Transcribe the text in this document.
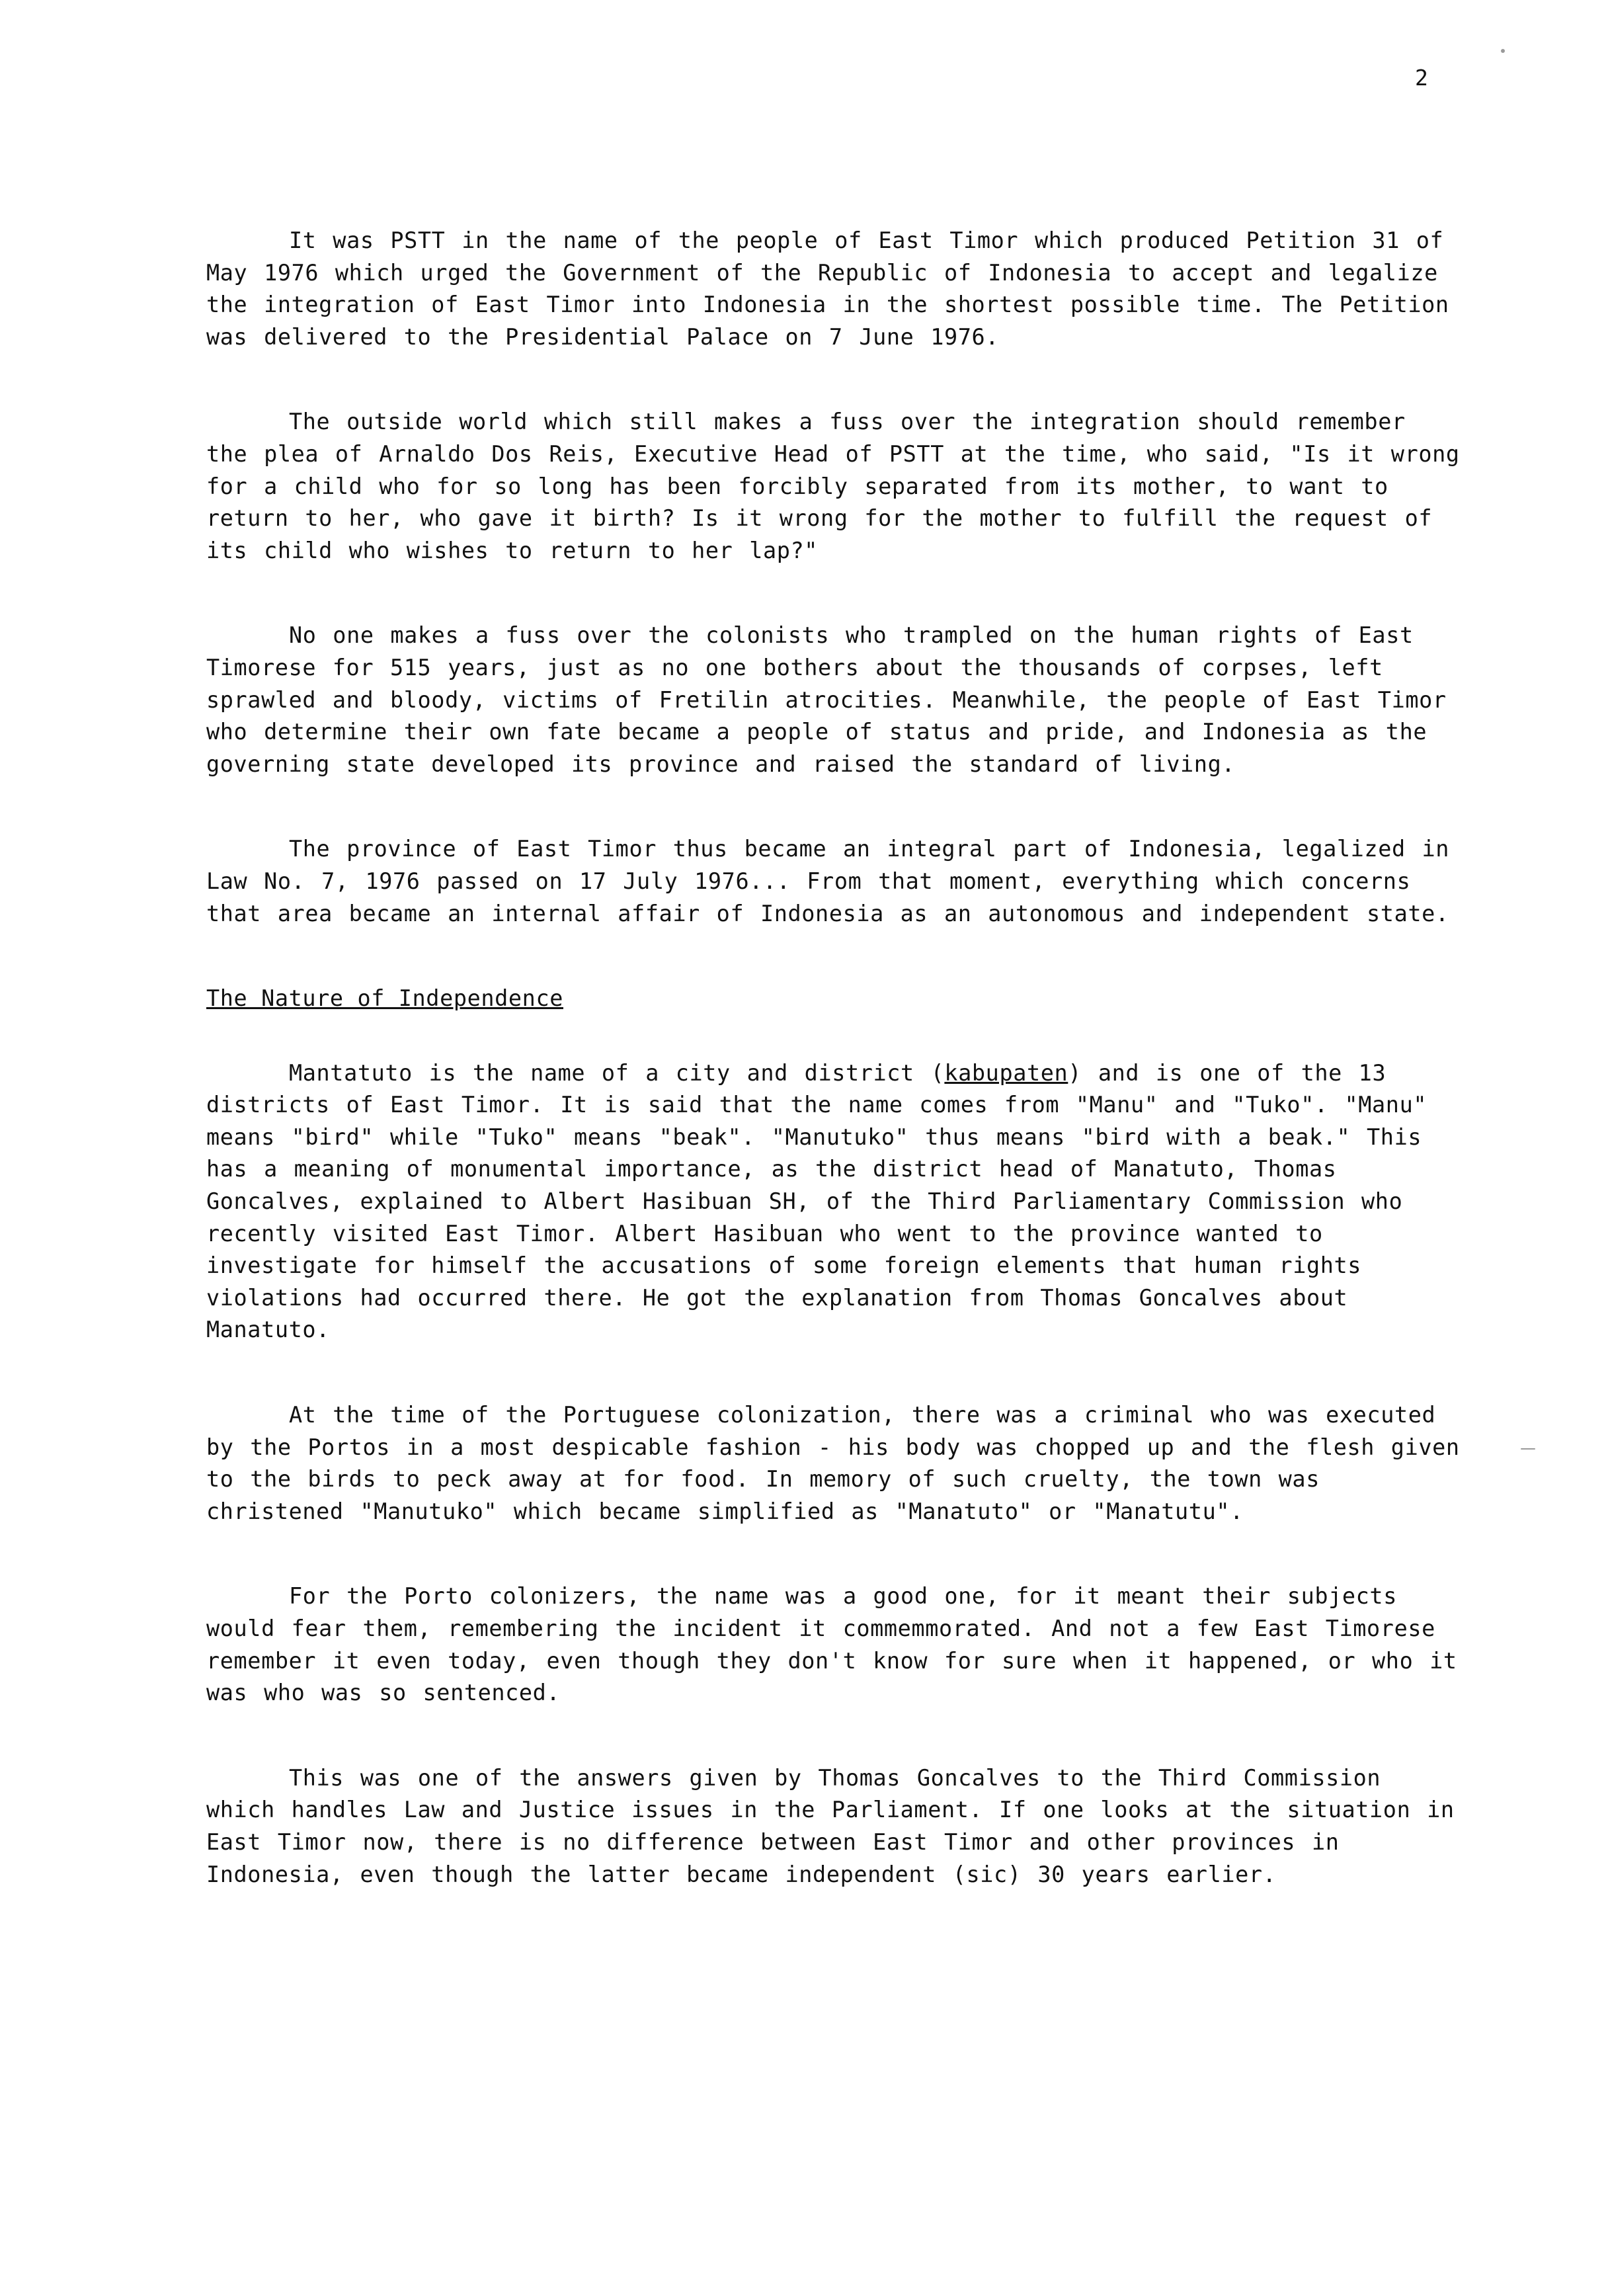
2

It was PSTT in the name of the people of East Timor which produced Petition 31 of May 1976 which urged the Government of the Republic of Indonesia to accept and legalize the integration of East Timor into Indonesia in the shortest possible time. The Petition was delivered to the Presidential Palace on 7 June 1976.

The outside world which still makes a fuss over the integration should remember the plea of Arnaldo Dos Reis, Executive Head of PSTT at the time, who said, "Is it wrong for a child who for so long has been forcibly separated from its mother, to want to return to her, who gave it birth? Is it wrong for the mother to fulfill the request of its child who wishes to return to her lap?"

No one makes a fuss over the colonists who trampled on the human rights of East Timorese for 515 years, just as no one bothers about the thousands of corpses, left sprawled and bloody, victims of Fretilin atrocities. Meanwhile, the people of East Timor who determine their own fate became a people of status and pride, and Indonesia as the governing state developed its province and raised the standard of living.

The province of East Timor thus became an integral part of Indonesia, legalized in Law No. 7, 1976 passed on 17 July 1976... From that moment, everything which concerns that area became an internal affair of Indonesia as an autonomous and independent state.

The Nature of Independence

Mantatuto is the name of a city and district (kabupaten) and is one of the 13 districts of East Timor. It is said that the name comes from "Manu" and "Tuko". "Manu" means "bird" while "Tuko" means "beak". "Manutuko" thus means "bird with a beak." This has a meaning of monumental importance, as the district head of Manatuto, Thomas Goncalves, explained to Albert Hasibuan SH, of the Third Parliamentary Commission who recently visited East Timor. Albert Hasibuan who went to the province wanted to investigate for himself the accusations of some foreign elements that human rights violations had occurred there. He got the explanation from Thomas Goncalves about Manatuto.

At the time of the Portuguese colonization, there was a criminal who was executed by the Portos in a most despicable fashion - his body was chopped up and the flesh given to the birds to peck away at for food. In memory of such cruelty, the town was christened "Manutuko" which became simplified as "Manatuto" or "Manatutu".

For the Porto colonizers, the name was a good one, for it meant their subjects would fear them, remembering the incident it commemmorated. And not a few East Timorese remember it even today, even though they don't know for sure when it happened, or who it was who was so sentenced.

This was one of the answers given by Thomas Goncalves to the Third Commission which handles Law and Justice issues in the Parliament. If one looks at the situation in East Timor now, there is no difference between East Timor and other provinces in Indonesia, even though the latter became independent (sic) 30 years earlier.
